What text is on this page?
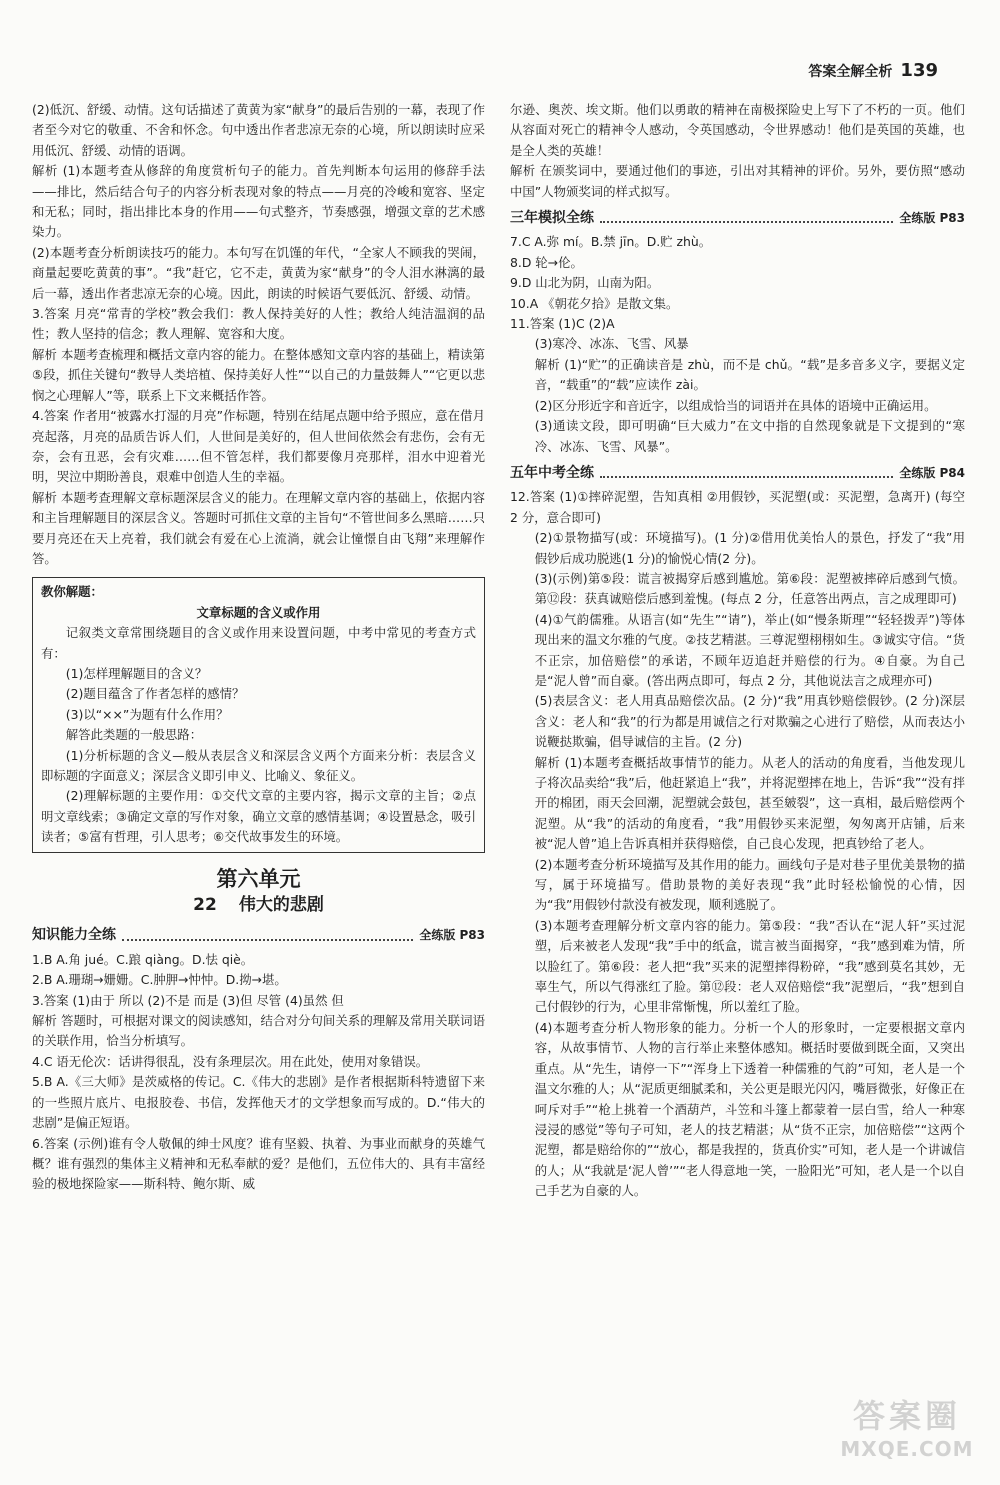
答案全解全析 139

(2)低沉、舒缓、动情。这句话描述了黄黄为家“献身”的最后告别的一幕，表现了作者至今对它的敬重、不舍和怀念。句中透出作者悲凉无奈的心境，所以朗读时应采用低沉、舒缓、动情的语调。

解析 (1)本题考查从修辞的角度赏析句子的能力。首先判断本句运用的修辞手法——排比，然后结合句子的内容分析表现对象的特点——月亮的冷峻和宽容、坚定和无私；同时，指出排比本身的作用——句式整齐，节奏感强，增强文章的艺术感染力。

(2)本题考查分析朗读技巧的能力。本句写在饥馑的年代，“全家人不顾我的哭闹，商量起要吃黄黄的事”。“我”赶它，它不走，黄黄为家“献身”的令人泪水淋漓的最后一幕，透出作者悲凉无奈的心境。因此，朗读的时候语气要低沉、舒缓、动情。

3.答案 月亮“常青的学校”教会我们：教人保持美好的人性；教给人纯洁温润的品性；教人坚持的信念；教人理解、宽容和大度。

解析 本题考查梳理和概括文章内容的能力。在整体感知文章内容的基础上，精读第⑤段，抓住关键句“教导人类培植、保持美好人性”“以自己的力量鼓舞人”“它更以悲悯之心理解人”等，联系上下文来概括作答。

4.答案 作者用“被露水打湿的月亮”作标题，特别在结尾点题中给予照应，意在借月亮起落，月亮的品质告诉人们，人世间是美好的，但人世间依然会有悲伤，会有无奈，会有丑恶，会有灾难……但不管怎样，我们都要像月亮那样，泪水中迎着光明，哭泣中期盼善良，艰难中创造人生的幸福。

解析 本题考查理解文章标题深层含义的能力。在理解文章内容的基础上，依据内容和主旨理解题目的深层含义。答题时可抓住文章的主旨句“不管世间多么黑暗……只要月亮还在天上亮着，我们就会有爱在心上流淌，就会让憧憬自由飞翔”来理解作答。

教你解题：
文章标题的含义或作用

记叙类文章常围绕题目的含义或作用来设置问题，中考中常见的考查方式有：

(1)怎样理解题目的含义？

(2)题目蕴含了作者怎样的感情？

(3)以“××”为题有什么作用？

解答此类题的一般思路：

(1)分析标题的含义—般从表层含义和深层含义两个方面来分析：表层含义即标题的字面意义；深层含义即引申义、比喻义、象征义。

(2)理解标题的主要作用：①交代文章的主要内容，揭示文章的主旨；②点明文章线索；③确定文章的写作对象，确立文章的感情基调；④设置悬念，吸引读者；⑤富有哲理，引人思考；⑥交代故事发生的环境。

第六单元
22 伟大的悲剧
知识能力全练	全练版 P83

1.B A.角 jué。C.踉 qiàng。D.怯 qiè。

2.B A.珊瑚→姗姗。C.肿胛→忡忡。D.拗→堪。

3.答案 (1)由于 所以 (2)不是 而是 (3)但 尽管 (4)虽然 但

解析 答题时，可根据对课文的阅读感知，结合对分句间关系的理解及常用关联词语的关联作用，恰当分析填写。

4.C 语无伦次：话讲得很乱，没有条理层次。用在此处，使用对象错误。

5.B A.《三大师》是茨威格的传记。C.《伟大的悲剧》是作者根据斯科特遗留下来的一些照片底片、电报胶卷、书信，发挥他天才的文学想象而写成的。D.“伟大的悲剧”是偏正短语。

6.答案 (示例)谁有令人敬佩的绅士风度？谁有坚毅、执着、为事业而献身的英雄气概？谁有强烈的集体主义精神和无私奉献的爱？是他们，五位伟大的、具有丰富经验的极地探险家——斯科特、鲍尔斯、威

尔逊、奥茨、埃文斯。他们以勇敢的精神在南极探险史上写下了不朽的一页。他们从容面对死亡的精神令人感动，令英国感动，令世界感动！他们是英国的英雄，也是全人类的英雄！

解析 在颁奖词中，要通过他们的事迹，引出对其精神的评价。另外，要仿照“感动中国”人物颁奖词的样式拟写。

三年模拟全练	全练版 P83

7.C A.弥 mí。B.禁 jīn。D.贮 zhù。

8.D 轮→伦。

9.D 山北为阴，山南为阳。

10.A 《朝花夕拾》是散文集。

11.答案 (1)C (2)A

(3)寒冷、冰冻、飞雪、风暴

解析 (1)“贮”的正确读音是 zhù，而不是 chǔ。“载”是多音多义字，要据义定音，“载重”的“载”应读作 zài。

(2)区分形近字和音近字，以组成恰当的词语并在具体的语境中正确运用。

(3)通读文段，即可明确“巨大威力”在文中指的自然现象就是下文提到的“寒冷、冰冻、飞雪、风暴”。

五年中考全练	全练版 P84

12.答案 (1)①摔碎泥塑，告知真相 ②用假钞，买泥塑(或：买泥塑，急离开) (每空 2 分，意合即可)

(2)①景物描写(或：环境描写)。(1 分)②借用优美怡人的景色，抒发了“我”用假钞后成功脱逃(1 分)的愉悦心情(2 分)。

(3)(示例)第⑤段：谎言被揭穿后感到尴尬。第⑥段：泥塑被摔碎后感到气愤。第⑫段：获真诚赔偿后感到羞愧。(每点 2 分，任意答出两点，言之成理即可)

(4)①气韵儒雅。从语言(如“先生”“请”)，举止(如“慢条斯理”“轻轻拨弄”)等体现出来的温文尔雅的气度。②技艺精湛。三尊泥塑栩栩如生。③诚实守信。“货不正宗，加倍赔偿”的承诺，不顾年迈追赶并赔偿的行为。④自豪。为自己是“泥人曾”而自豪。(答出两点即可，每点 2 分，其他说法言之成理亦可)

(5)表层含义：老人用真品赔偿次品。(2 分)“我”用真钞赔偿假钞。(2 分)深层含义：老人和“我”的行为都是用诚信之行对欺骗之心进行了赔偿，从而表达小说鞭挞欺骗，倡导诚信的主旨。(2 分)

解析 (1)本题考查概括故事情节的能力。从老人的活动的角度看，当他发现儿子将次品卖给“我”后，他赶紧追上“我”，并将泥塑摔在地上，告诉“我”“没有拌开的棉团，雨天会回潮，泥塑就会鼓包，甚至皴裂”，这一真相，最后赔偿两个泥塑。从“我”的活动的角度看，“我”用假钞买来泥塑，匆匆离开店铺，后来被“泥人曾”追上告诉真相并获得赔偿，自己良心发现，把真钞给了老人。

(2)本题考查分析环境描写及其作用的能力。画线句子是对巷子里优美景物的描写，属于环境描写。借助景物的美好表现“我”此时轻松愉悦的心情，因为“我”用假钞付款没有被发现，顺利逃脱了。

(3)本题考查理解分析文章内容的能力。第⑤段：“我”否认在“泥人轩”买过泥塑，后来被老人发现“我”手中的纸盒，谎言被当面揭穿，“我”感到难为情，所以脸红了。第⑥段：老人把“我”买来的泥塑摔得粉碎，“我”感到莫名其妙，无辜生气，所以气得涨红了脸。第⑫段：老人双倍赔偿“我”泥塑后，“我”想到自己付假钞的行为，心里非常惭愧，所以羞红了脸。

(4)本题考查分析人物形象的能力。分析一个人的形象时，一定要根据文章内容，从故事情节、人物的言行举止来整体感知。概括时要做到既全面，又突出重点。从“先生，请停一下”“浑身上下透着一种儒雅的气韵”可知，老人是一个温文尔雅的人；从“泥质更细腻柔和，关公更是眼光闪闪，嘴唇微张，好像正在呵斥对手”“枪上挑着一个酒葫芦，斗笠和斗篷上都蒙着一层白雪，给人一种寒浸浸的感觉”等句子可知，老人的技艺精湛；从“货不正宗，加倍赔偿”“这两个泥塑，都是赔给你的”“放心，都是我捏的，货真价实”可知，老人是一个讲诚信的人；从“我就是‘泥人曾’”“老人得意地一笑，一脸阳光”可知，老人是一个以自己手艺为自豪的人。

答案圈
MXQE.COM
